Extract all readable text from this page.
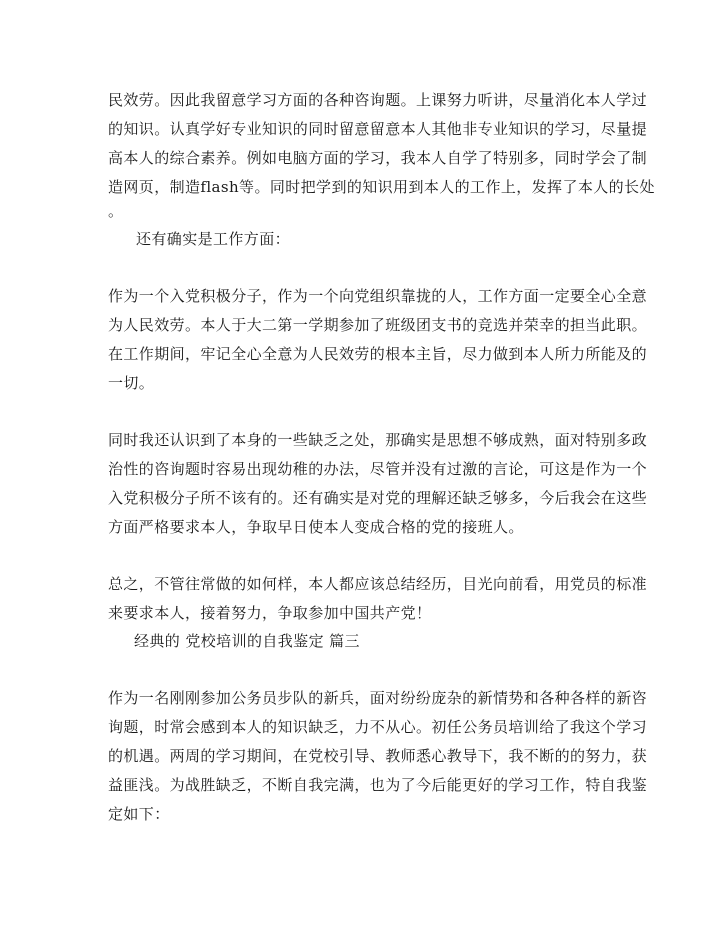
民效劳。因此我留意学习方面的各种咨询题。上课努力听讲，尽量消化本人学过
的知识。认真学好专业知识的同时留意留意本人其他非专业知识的学习，尽量提
高本人的综合素养。例如电脑方面的学习，我本人自学了特别多，同时学会了制
造网页，制造flash等。同时把学到的知识用到本人的工作上，发挥了本人的长处
。
还有确实是工作方面：
作为一个入党积极分子，作为一个向党组织靠拢的人，工作方面一定要全心全意
为人民效劳。本人于大二第一学期参加了班级团支书的竞选并荣幸的担当此职。
在工作期间，牢记全心全意为人民效劳的根本主旨，尽力做到本人所力所能及的
一切。
同时我还认识到了本身的一些缺乏之处，那确实是思想不够成熟，面对特别多政
治性的咨询题时容易出现幼稚的办法，尽管并没有过激的言论，可这是作为一个
入党积极分子所不该有的。还有确实是对党的理解还缺乏够多，今后我会在这些
方面严格要求本人，争取早日使本人变成合格的党的接班人。
总之，不管往常做的如何样，本人都应该总结经历，目光向前看，用党员的标准
来要求本人，接着努力，争取参加中国共产党！
经典的 党校培训的自我鉴定 篇三
作为一名刚刚参加公务员步队的新兵，面对纷纷庞杂的新情势和各种各样的新咨
询题，时常会感到本人的知识缺乏，力不从心。初任公务员培训给了我这个学习
的机遇。两周的学习期间，在党校引导、教师悉心教导下，我不断的的努力，获
益匪浅。为战胜缺乏，不断自我完满，也为了今后能更好的学习工作，特自我鉴
定如下：
